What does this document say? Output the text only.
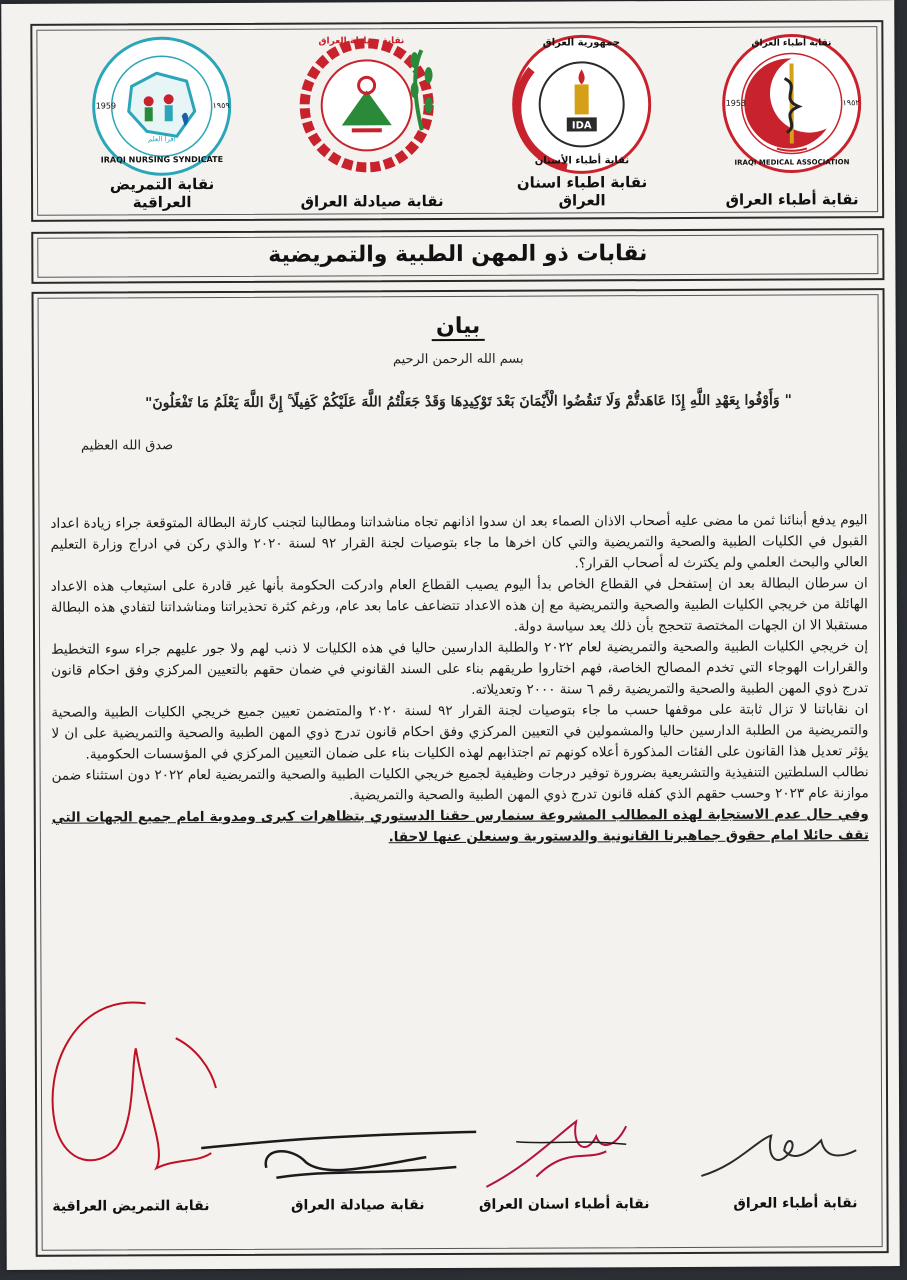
نقابة أطباء العراق
IRAQI MEDICAL ASSOCIATION
1953	١٩٥٢
نقابة أطباء العراق
IDA
جمهورية العراق
نقابة أطباء الأسنان
نقابة اطباء اسنان العراق
نقابة صيادلة العراق
نقابة صيادلة العراق
IRAQI NURSING SYNDICATE
1959	١٩٥٩
اقرأ العلم
نقابة التمريض العراقية
نقابات ذو المهن الطبية والتمريضية
بيان
بسم الله الرحمن الرحيم
" وَأَوْفُوا بِعَهْدِ اللَّهِ إِذَا عَاهَدتُّمْ وَلَا تَنقُضُوا الْأَيْمَانَ بَعْدَ تَوْكِيدِهَا وَقَدْ جَعَلْتُمُ اللَّهَ عَلَيْكُمْ كَفِيلًا ۚ إِنَّ اللَّهَ يَعْلَمُ مَا تَفْعَلُونَ"
صدق الله العظيم

اليوم يدفع أبنائنا ثمن ما مضى عليه أصحاب الاذان الصماء بعد ان سدوا اذانهم تجاه مناشداتنا ومطالبنا لتجنب كارثة البطالة المتوقعة جراء زيادة اعداد القبول في الكليات الطبية والصحية والتمريضية والتي كان اخرها ما جاء بتوصيات لجنة القرار ٩٢ لسنة ٢٠٢٠ والذي ركن في ادراج وزارة التعليم العالي والبحث العلمي ولم يكترث له أصحاب القرار؟.

ان سرطان البطالة بعد ان إستفحل في القطاع الخاص بدأ اليوم يصيب القطاع العام وادركت الحكومة بأنها غير قادرة على استيعاب هذه الاعداد الهائلة من خريجي الكليات الطبية والصحية والتمريضية مع إن هذه الاعداد تتضاعف عاما بعد عام، ورغم كثرة تحذيراتنا ومناشداتنا لتفادي هذه البطالة مستقبلا الا ان الجهات المختصة تتحجج بأن ذلك يعد سياسة دولة.

إن خريجي الكليات الطبية والصحية والتمريضية لعام ٢٠٢٢ والطلبة الدارسين حاليا في هذه الكليات لا ذنب لهم ولا جور عليهم جراء سوء التخطيط والقرارات الهوجاء التي تخدم المصالح الخاصة، فهم اختاروا طريقهم بناء على السند القانوني في ضمان حقهم بالتعيين المركزي وفق احكام قانون تدرج ذوي المهن الطبية والصحية والتمريضية رقم ٦ سنة ٢٠٠٠ وتعديلاته.

ان نقاباتنا لا تزال ثابتة على موقفها حسب ما جاء بتوصيات لجنة القرار ٩٢ لسنة ٢٠٢٠ والمتضمن تعيين جميع خريجي الكليات الطبية والصحية والتمريضية من الطلبة الدارسين حاليا والمشمولين في التعيين المركزي وفق احكام قانون تدرج ذوي المهن الطبية والصحية والتمريضية على ان لا يؤثر تعديل هذا القانون على الفئات المذكورة أعلاه كونهم تم اجتذابهم لهذه الكليات بناء على ضمان التعيين المركزي في المؤسسات الحكومية.

نطالب السلطتين التنفيذية والتشريعية بضرورة توفير درجات وظيفية لجميع خريجي الكليات الطبية والصحية والتمريضية لعام ٢٠٢٢ دون استثناء ضمن موازنة عام ٢٠٢٣ وحسب حقهم الذي كفله قانون تدرج ذوي المهن الطبية والصحية والتمريضية.

وفي حال عدم الاستجابة لهذه المطالب المشروعة سنمارس حقنا الدستوري بتظاهرات كبرى ومدوية امام جميع الجهات التي تقف حائلا امام حقوق جماهيرنا القانونية والدستورية وسنعلن عنها لاحقا.

نقابة أطباء العراق
نقابة أطباء اسنان العراق
نقابة صيادلة العراق
نقابة التمريض العراقية
